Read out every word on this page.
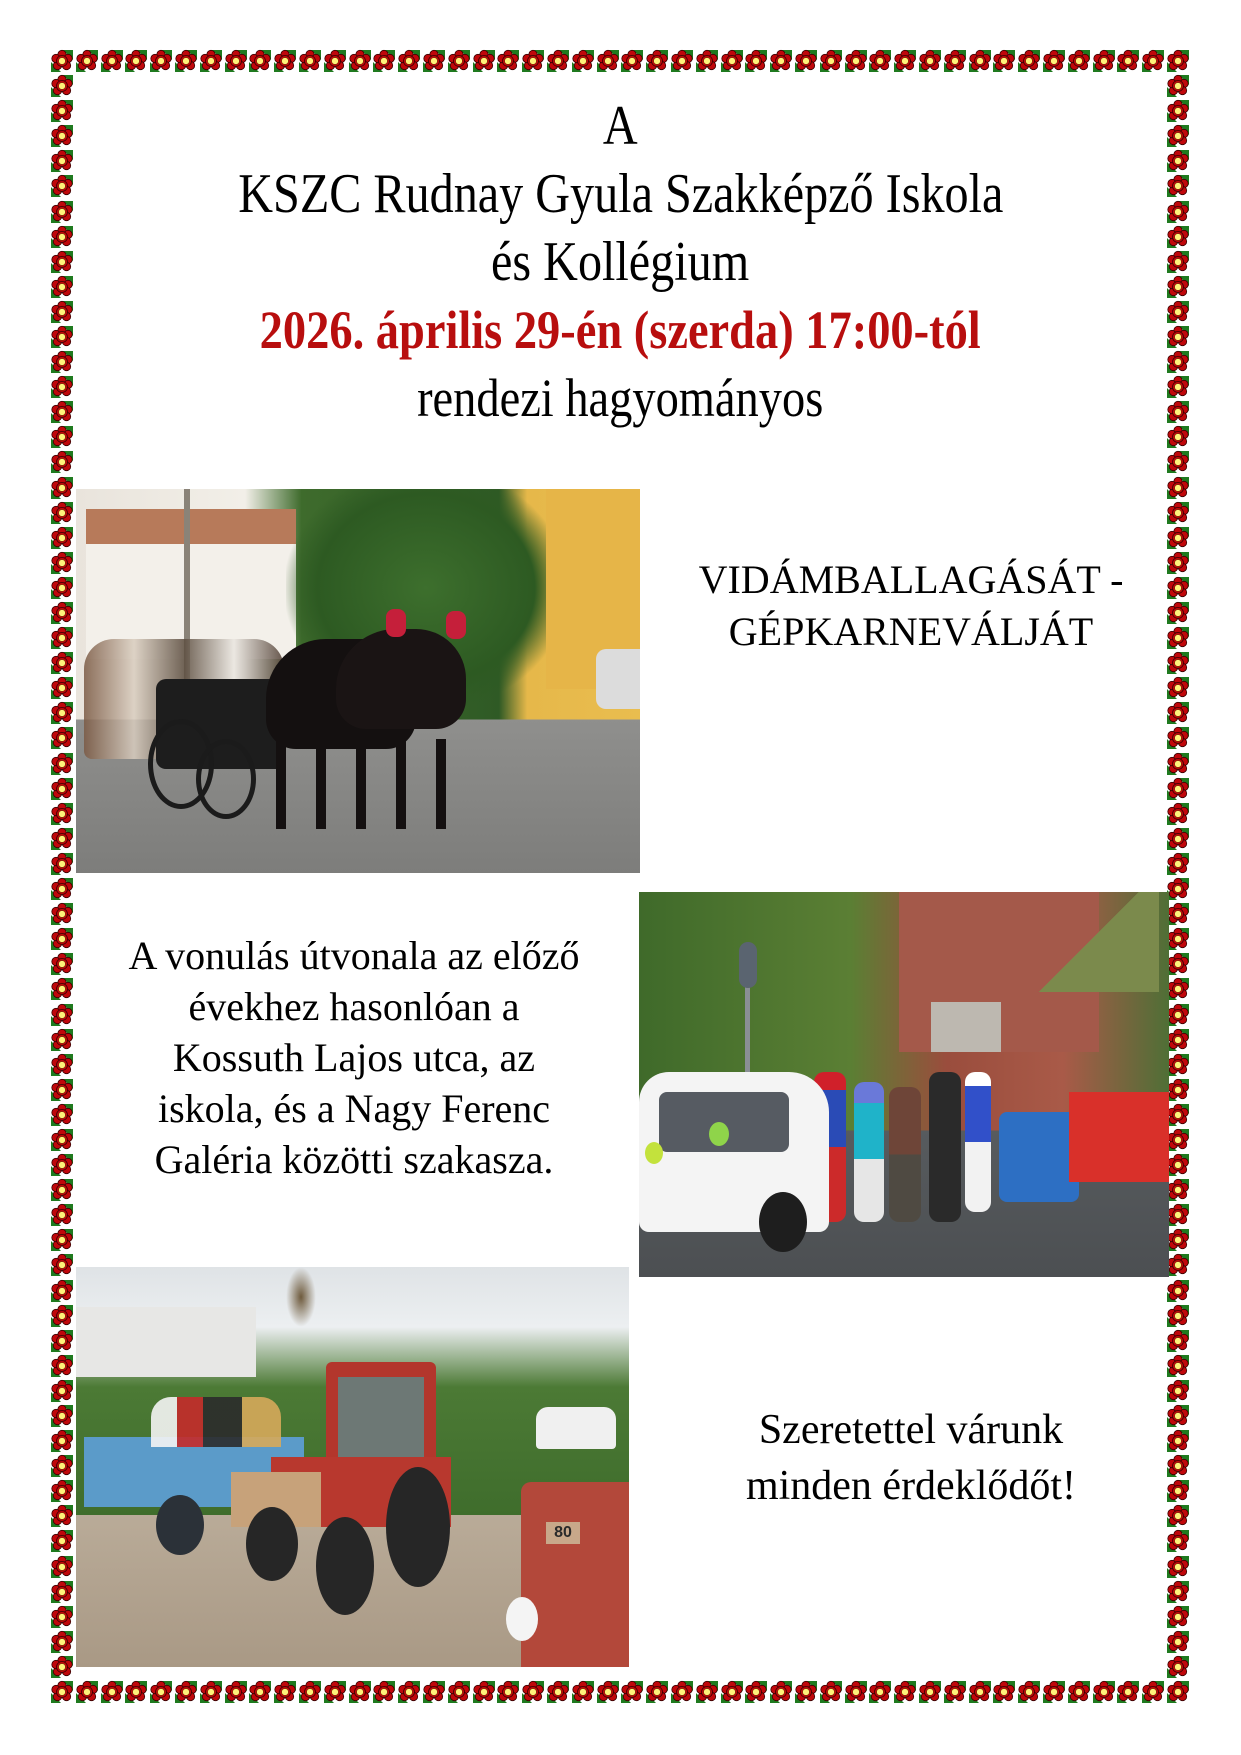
A
KSZC Rudnay Gyula Szakképző Iskola
és Kollégium
2026. április 29-én (szerda) 17:00-tól
rendezi hagyományos
VIDÁMBALLAGÁSÁT -
GÉPKARNEVÁLJÁT
A vonulás útvonala az előző
évekhez hasonlóan a
Kossuth Lajos utca, az
iskola, és a Nagy Ferenc
Galéria közötti szakasza.
80
Szeretettel várunk
minden érdeklődőt!
